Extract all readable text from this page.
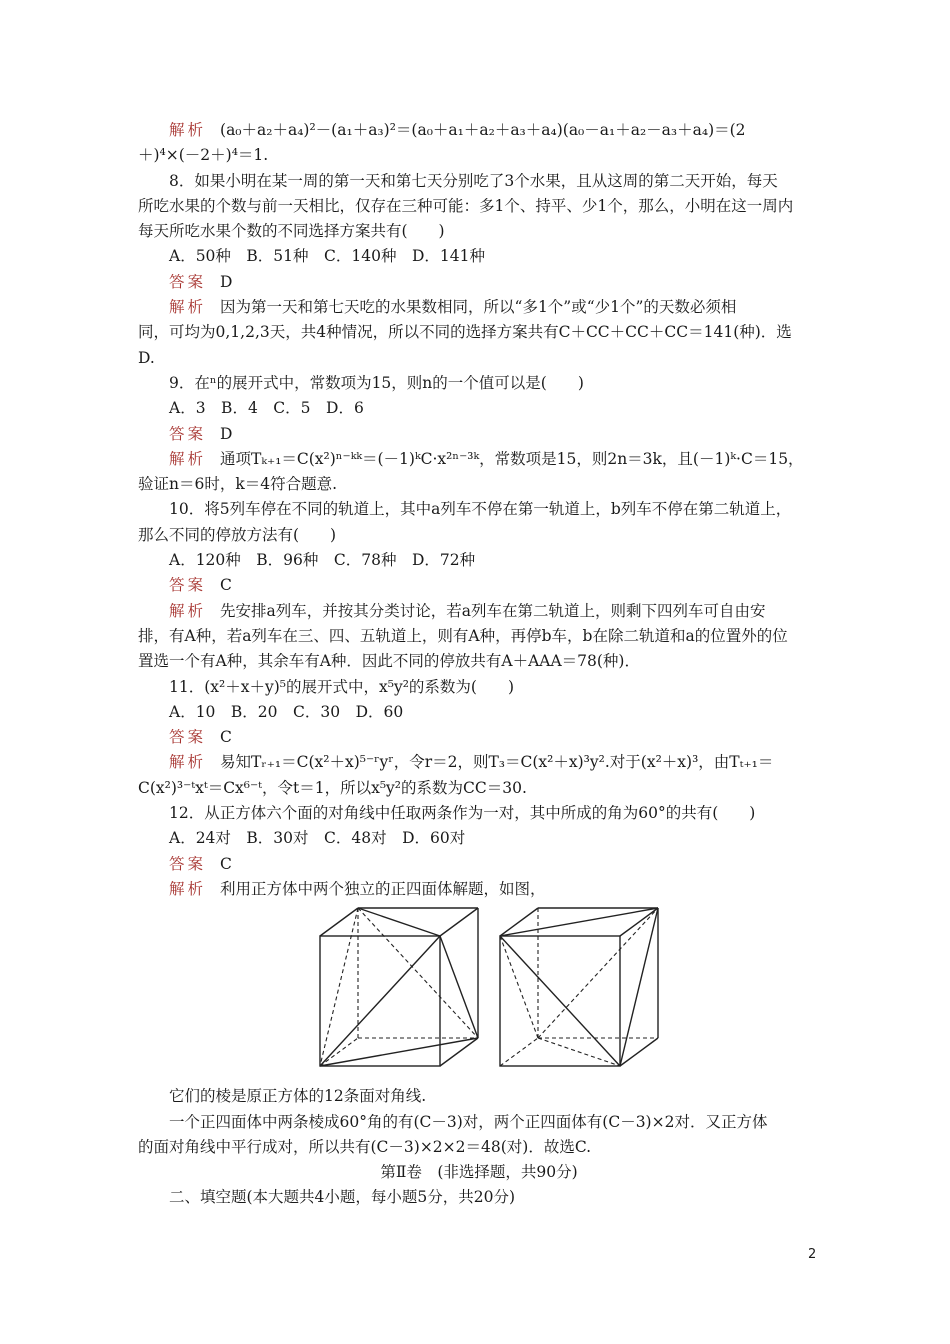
解析 (a₀＋a₂＋a₄)²－(a₁＋a₃)²＝(a₀＋a₁＋a₂＋a₃＋a₄)(a₀－a₁＋a₂－a₃＋a₄)＝(2
＋)⁴×(－2＋)⁴＝1.
8．如果小明在某一周的第一天和第七天分别吃了3个水果，且从这周的第二天开始，每天
所吃水果的个数与前一天相比，仅存在三种可能：多1个、持平、少1个，那么，小明在这一周内
每天所吃水果个数的不同选择方案共有(　　)
A．50种　B．51种　C．140种　D．141种
答案 D
解析 因为第一天和第七天吃的水果数相同，所以“多1个”或“少1个”的天数必须相
同，可均为0,1,2,3天，共4种情况，所以不同的选择方案共有C＋CC＋CC＋CC＝141(种)．选
D.
9．在ⁿ的展开式中，常数项为15，则n的一个值可以是(　　)
A．3　B．4　C．5　D．6
答案 D
解析 通项Tₖ₊₁＝C(x²)ⁿ⁻ᵏᵏ＝(－1)ᵏC·x²ⁿ⁻³ᵏ，常数项是15，则2n＝3k，且(－1)ᵏ·C＝15，
验证n＝6时，k＝4符合题意.
10．将5列车停在不同的轨道上，其中a列车不停在第一轨道上，b列车不停在第二轨道上，
那么不同的停放方法有(　　)
A．120种　B．96种　C．78种　D．72种
答案 C
解析 先安排a列车，并按其分类讨论，若a列车在第二轨道上，则剩下四列车可自由安
排，有A种，若a列车在三、四、五轨道上，则有A种，再停b车，b在除二轨道和a的位置外的位
置选一个有A种，其余车有A种．因此不同的停放共有A＋AAA＝78(种)．
11．(x²＋x＋y)⁵的展开式中，x⁵y²的系数为(　　)
A．10　B．20　C．30　D．60
答案 C
解析 易知Tᵣ₊₁＝C(x²＋x)⁵⁻ʳyʳ，令r＝2，则T₃＝C(x²＋x)³y².对于(x²＋x)³，由Tₜ₊₁＝
C(x²)³⁻ᵗxᵗ＝Cx⁶⁻ᵗ，令t＝1，所以x⁵y²的系数为CC＝30.
12．从正方体六个面的对角线中任取两条作为一对，其中所成的角为60°的共有(　　)
A．24对　B．30对　C．48对　D．60对
答案 C
解析 利用正方体中两个独立的正四面体解题，如图，
它们的棱是原正方体的12条面对角线.
一个正四面体中两条棱成60°角的有(C－3)对，两个正四面体有(C－3)×2对．又正方体
的面对角线中平行成对，所以共有(C－3)×2×2＝48(对)．故选C.
第Ⅱ卷　(非选择题，共90分)
二、填空题(本大题共4小题，每小题5分，共20分)
2
